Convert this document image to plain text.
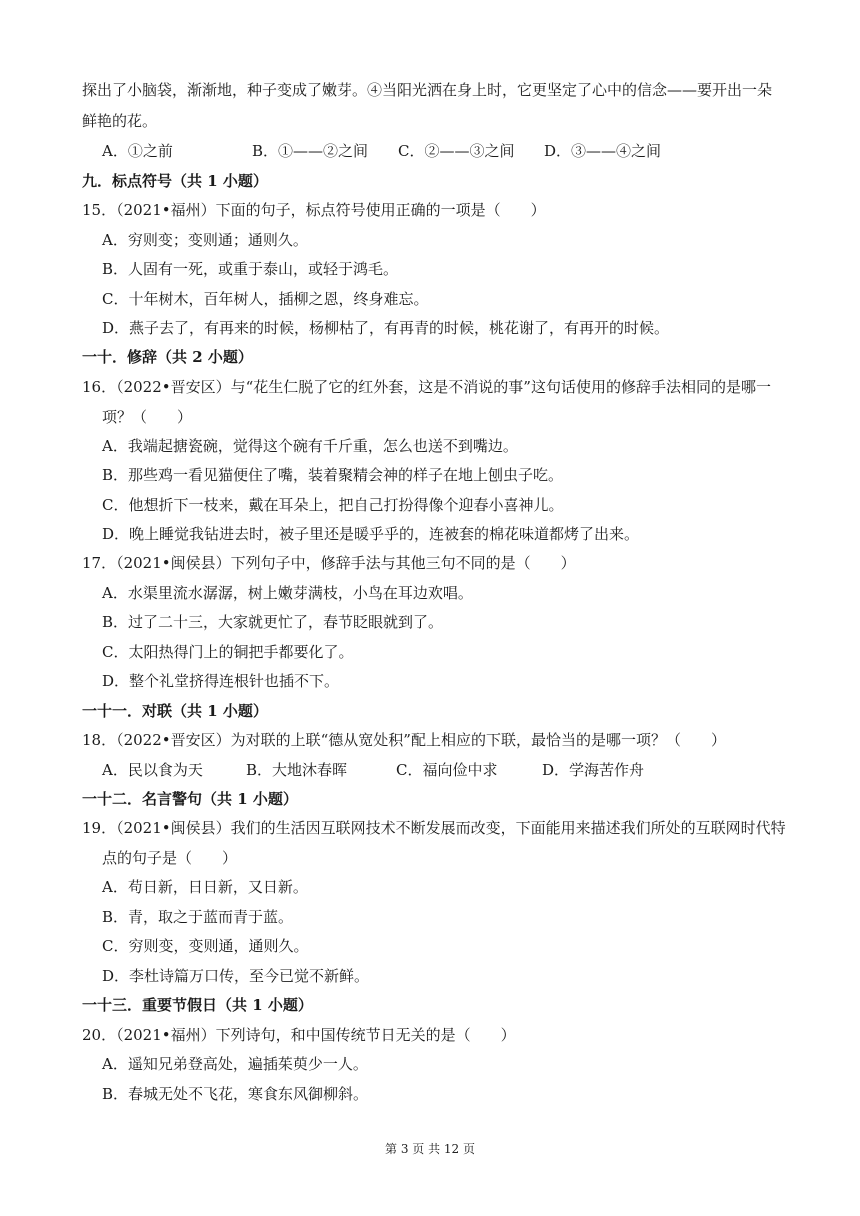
探出了小脑袋，渐渐地，种子变成了嫩芽。④当阳光洒在身上时，它更坚定了心中的信念——要开出一朵
鲜艳的花。
A．①之前	B．①——②之间	C．②——③之间	D．③——④之间
九．标点符号（共 1 小题）
15．（2021•福州）下面的句子，标点符号使用正确的一项是（　　）
A．穷则变；变则通；通则久。
B．人固有一死，或重于泰山，或轻于鸿毛。
C．十年树木，百年树人，插柳之恩，终身难忘。
D．燕子去了，有再来的时候，杨柳枯了，有再青的时候，桃花谢了，有再开的时候。
一十．修辞（共 2 小题）
16．（2022•晋安区）与“花生仁脱了它的红外套，这是不消说的事”这句话使用的修辞手法相同的是哪一
项？（　　）
A．我端起搪瓷碗，觉得这个碗有千斤重，怎么也送不到嘴边。
B．那些鸡一看见猫便住了嘴，装着聚精会神的样子在地上刨虫子吃。
C．他想折下一枝来，戴在耳朵上，把自己打扮得像个迎春小喜神儿。
D．晚上睡觉我钻进去时，被子里还是暖乎乎的，连被套的棉花味道都烤了出来。
17．（2021•闽侯县）下列句子中，修辞手法与其他三句不同的是（　　）
A．水渠里流水潺潺，树上嫩芽满枝，小鸟在耳边欢唱。
B．过了二十三，大家就更忙了，春节眨眼就到了。
C．太阳热得门上的铜把手都要化了。
D．整个礼堂挤得连根针也插不下。
一十一．对联（共 1 小题）
18．（2022•晋安区）为对联的上联“德从宽处积”配上相应的下联，最恰当的是哪一项？（　　）
A．民以食为天	B．大地沐春晖	C．福向俭中求	D．学海苦作舟
一十二．名言警句（共 1 小题）
19．（2021•闽侯县）我们的生活因互联网技术不断发展而改变，下面能用来描述我们所处的互联网时代特
点的句子是（　　）
A．苟日新，日日新，又日新。
B．青，取之于蓝而青于蓝。
C．穷则变，变则通，通则久。
D．李杜诗篇万口传，至今已觉不新鲜。
一十三．重要节假日（共 1 小题）
20．（2021•福州）下列诗句，和中国传统节日无关的是（　　）
A．遥知兄弟登高处，遍插茱萸少一人。
B．春城无处不飞花，寒食东风御柳斜。
第 3 页 共 12 页
